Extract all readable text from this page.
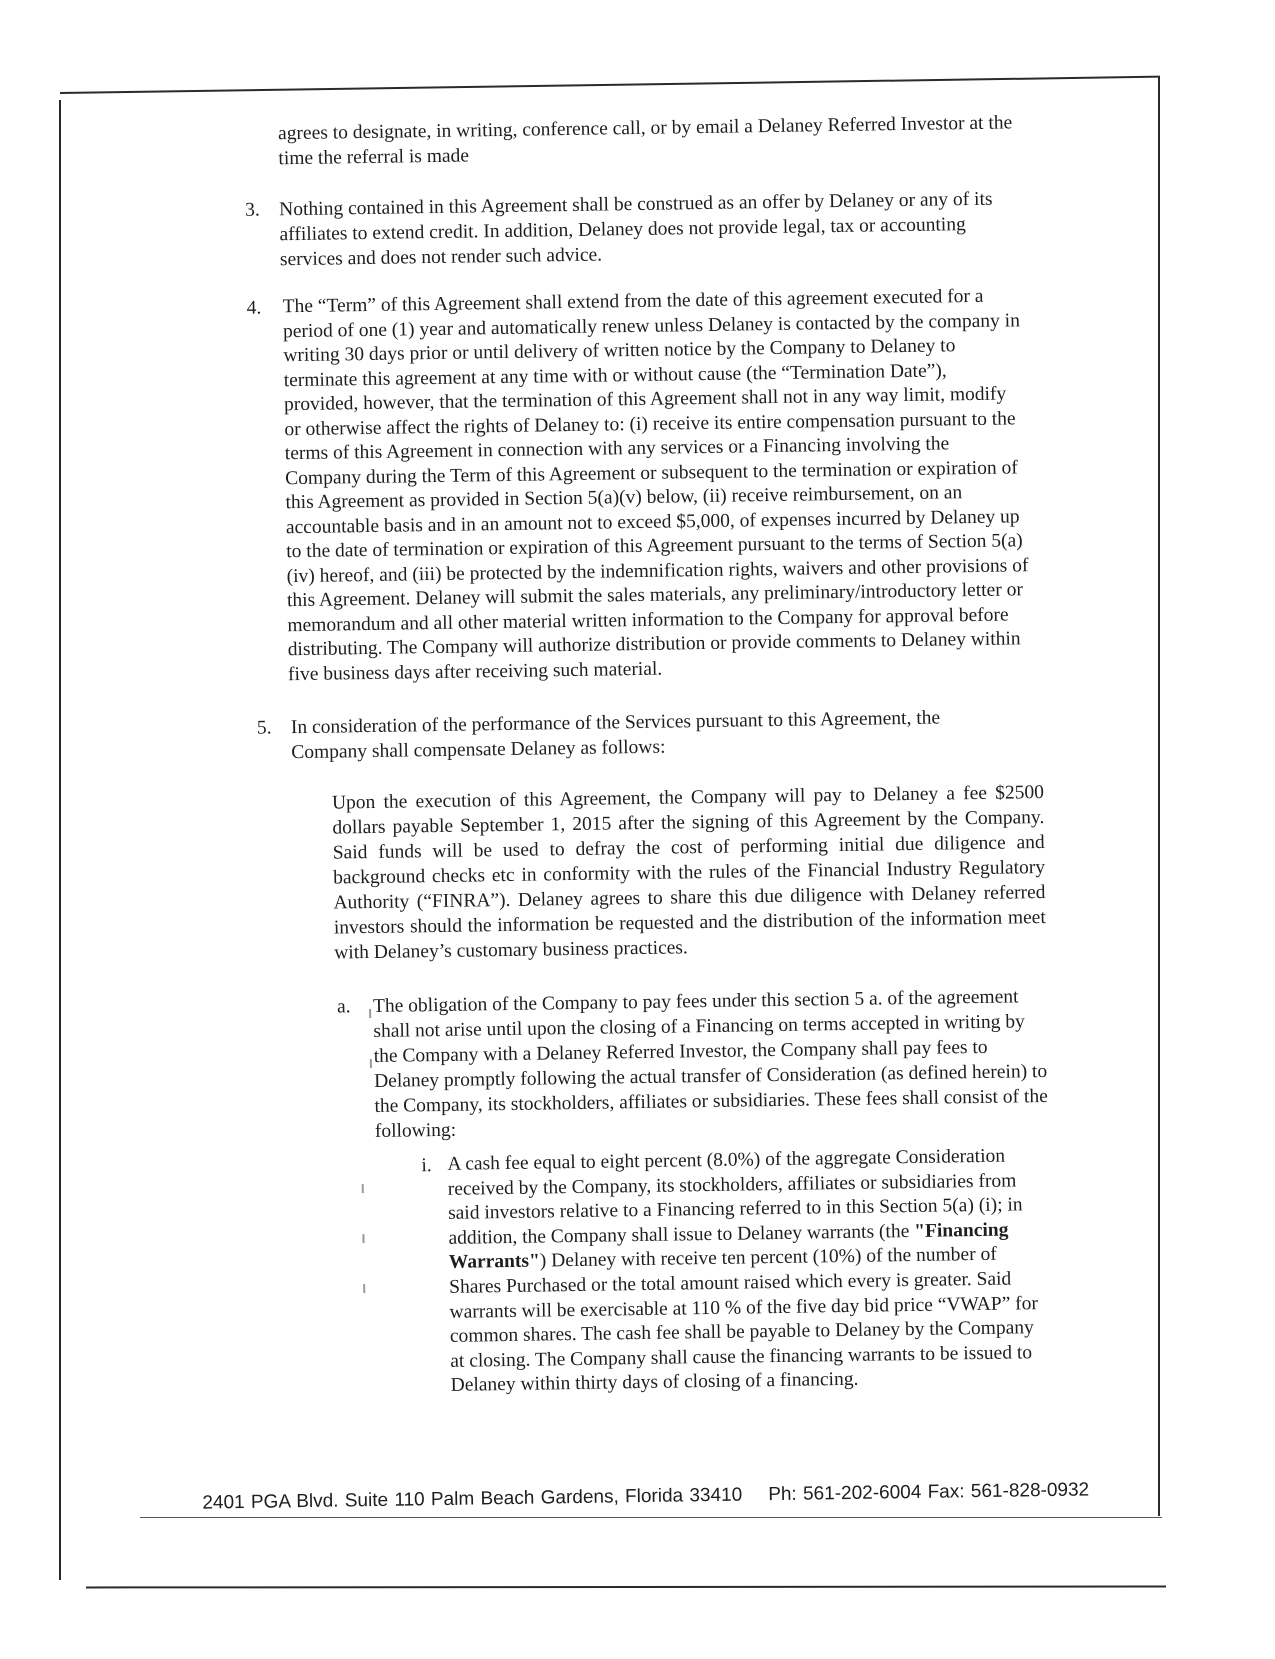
agrees to designate, in writing, conference call, or by email a Delaney Referred Investor at the time the referral is made
3. Nothing contained in this Agreement shall be construed as an offer by Delaney or any of its affiliates to extend credit. In addition, Delaney does not provide legal, tax or accounting services and does not render such advice.
4. The “Term” of this Agreement shall extend from the date of this agreement executed for a period of one (1) year and automatically renew unless Delaney is contacted by the company in writing 30 days prior or until delivery of written notice by the Company to Delaney to terminate this agreement at any time with or without cause (the “Termination Date”), provided, however, that the termination of this Agreement shall not in any way limit, modify or otherwise affect the rights of Delaney to: (i) receive its entire compensation pursuant to the terms of this Agreement in connection with any services or a Financing involving the Company during the Term of this Agreement or subsequent to the termination or expiration of this Agreement as provided in Section 5(a)(v) below, (ii) receive reimbursement, on an accountable basis and in an amount not to exceed $5,000, of expenses incurred by Delaney up to the date of termination or expiration of this Agreement pursuant to the terms of Section 5(a)(iv) hereof, and (iii) be protected by the indemnification rights, waivers and other provisions of this Agreement. Delaney will submit the sales materials, any preliminary/introductory letter or memorandum and all other material written information to the Company for approval before distributing. The Company will authorize distribution or provide comments to Delaney within five business days after receiving such material.
5. In consideration of the performance of the Services pursuant to this Agreement, the Company shall compensate Delaney as follows:
Upon the execution of this Agreement, the Company will pay to Delaney a fee $2500 dollars payable September 1, 2015 after the signing of this Agreement by the Company. Said funds will be used to defray the cost of performing initial due diligence and background checks etc in conformity with the rules of the Financial Industry Regulatory Authority (“FINRA”). Delaney agrees to share this due diligence with Delaney referred investors should the information be requested and the distribution of the information meet with Delaney’s customary business practices.
a. The obligation of the Company to pay fees under this section 5 a. of the agreement shall not arise until upon the closing of a Financing on terms accepted in writing by the Company with a Delaney Referred Investor, the Company shall pay fees to Delaney promptly following the actual transfer of Consideration (as defined herein) to the Company, its stockholders, affiliates or subsidiaries. These fees shall consist of the following:
i. A cash fee equal to eight percent (8.0%) of the aggregate Consideration received by the Company, its stockholders, affiliates or subsidiaries from said investors relative to a Financing referred to in this Section 5(a) (i); in addition, the Company shall issue to Delaney warrants (the "Financing Warrants") Delaney with receive ten percent (10%) of the number of Shares Purchased or the total amount raised which every is greater. Said warrants will be exercisable at 110 % of the five day bid price “VWAP” for common shares. The cash fee shall be payable to Delaney by the Company at closing. The Company shall cause the financing warrants to be issued to Delaney within thirty days of closing of a financing.
2401 PGA Blvd. Suite 110 Palm Beach Gardens, Florida 33410 Ph: 561-202-6004 Fax: 561-828-0932
